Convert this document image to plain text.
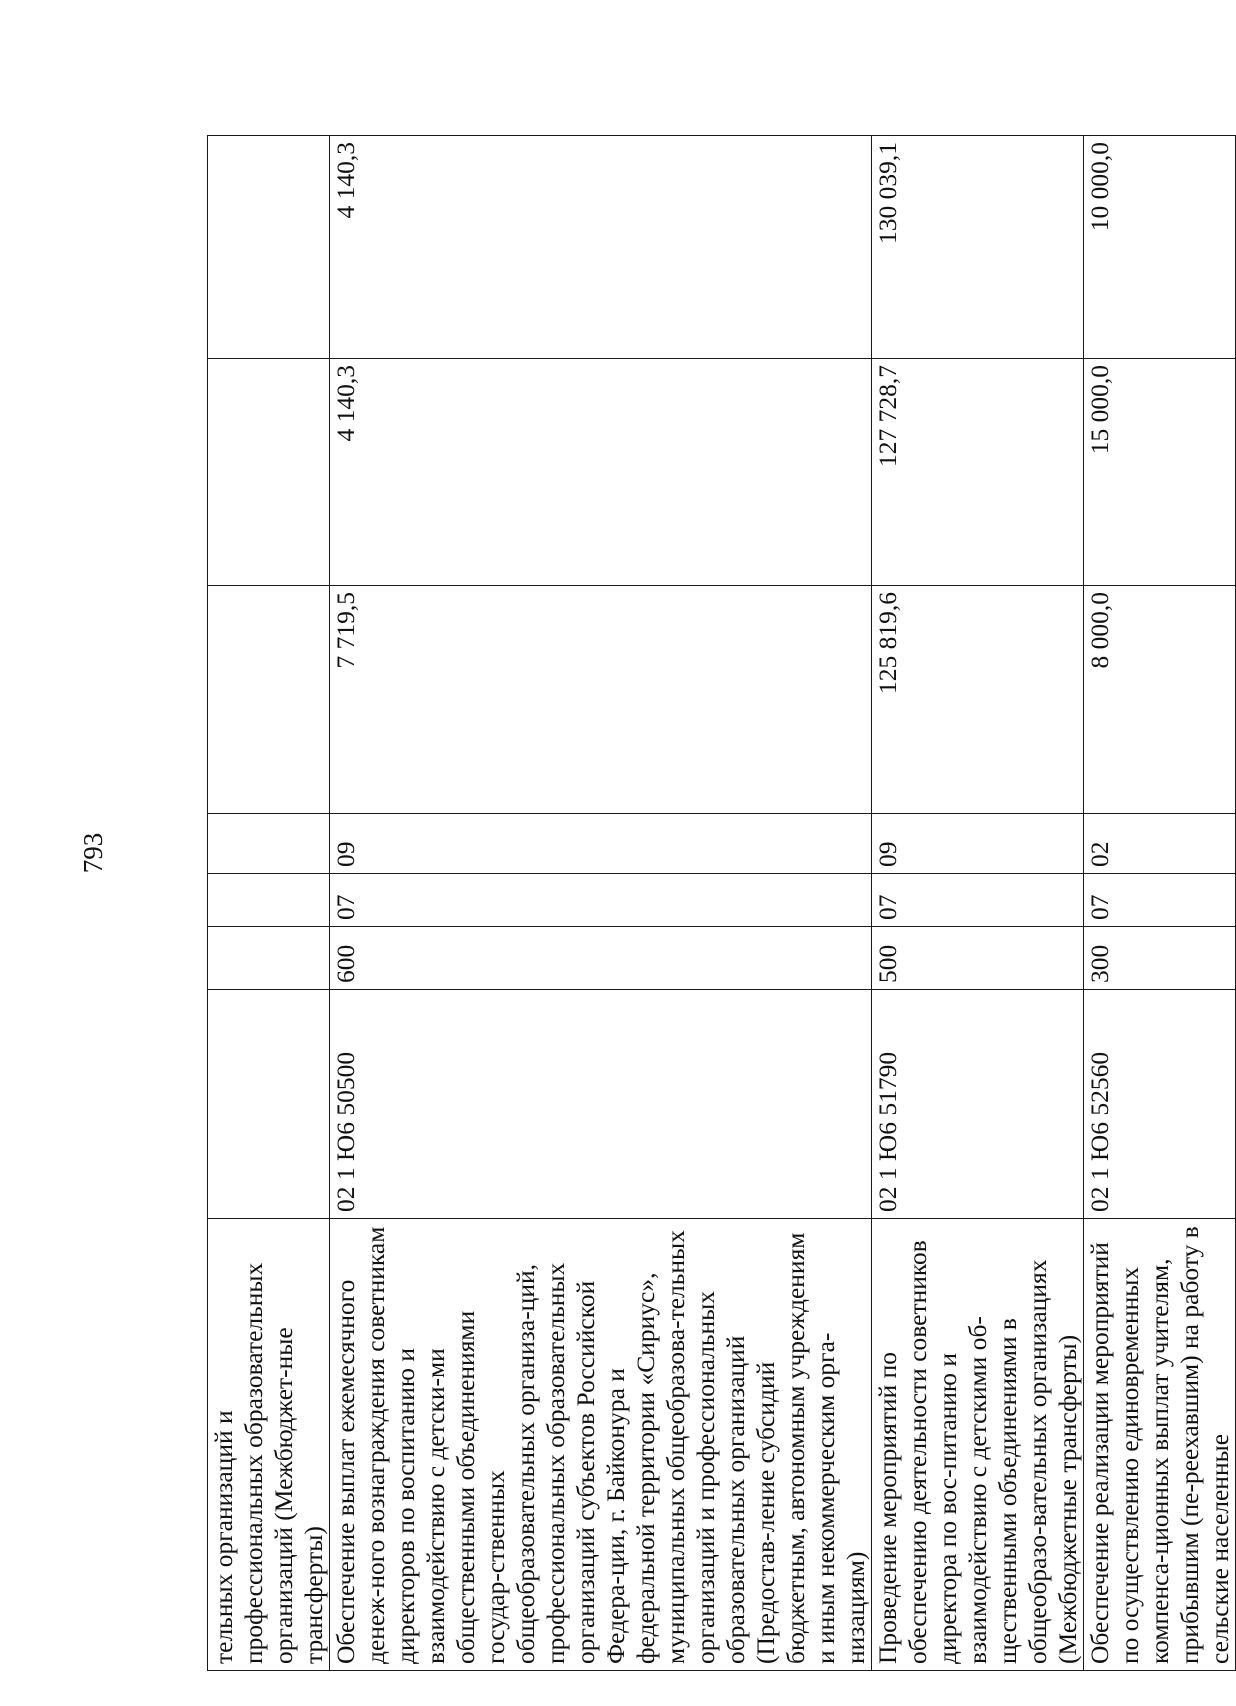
793
тельных организаций и профессиональных образовательных организаций (Межбюджет-ные трансферты)							
Обеспечение выплат ежемесячного денеж-ного вознаграждения советникам директоров по воспитанию и взаимодействию с детски-ми общественными объединениями государ-ственных общеобразовательных организа-ций, профессиональных образовательных организаций субъектов Российской Федера-ции, г. Байконура и федеральной территории «Сириус», муниципальных общеобразова-тельных организаций и профессиональных образовательных организаций (Предостав-ление субсидий бюджетным, автономным учреждениям и иным некоммерческим орга-низациям)	02 1 Ю6 50500	600	07	09	7 719,5	4 140,3	4 140,3
Проведение мероприятий по обеспечению деятельности советников директора по вос-питанию и взаимодействию с детскими об-щественными объединениями в общеобразо-вательных организациях (Межбюджетные трансферты)	02 1 Ю6 51790	500	07	09	125 819,6	127 728,7	130 039,1
Обеспечение реализации мероприятий по осуществлению единовременных компенса-ционных выплат учителям, прибывшим (пе-реехавшим) на работу в сельские населенные	02 1 Ю6 52560	300	07	02	8 000,0	15 000,0	10 000,0
